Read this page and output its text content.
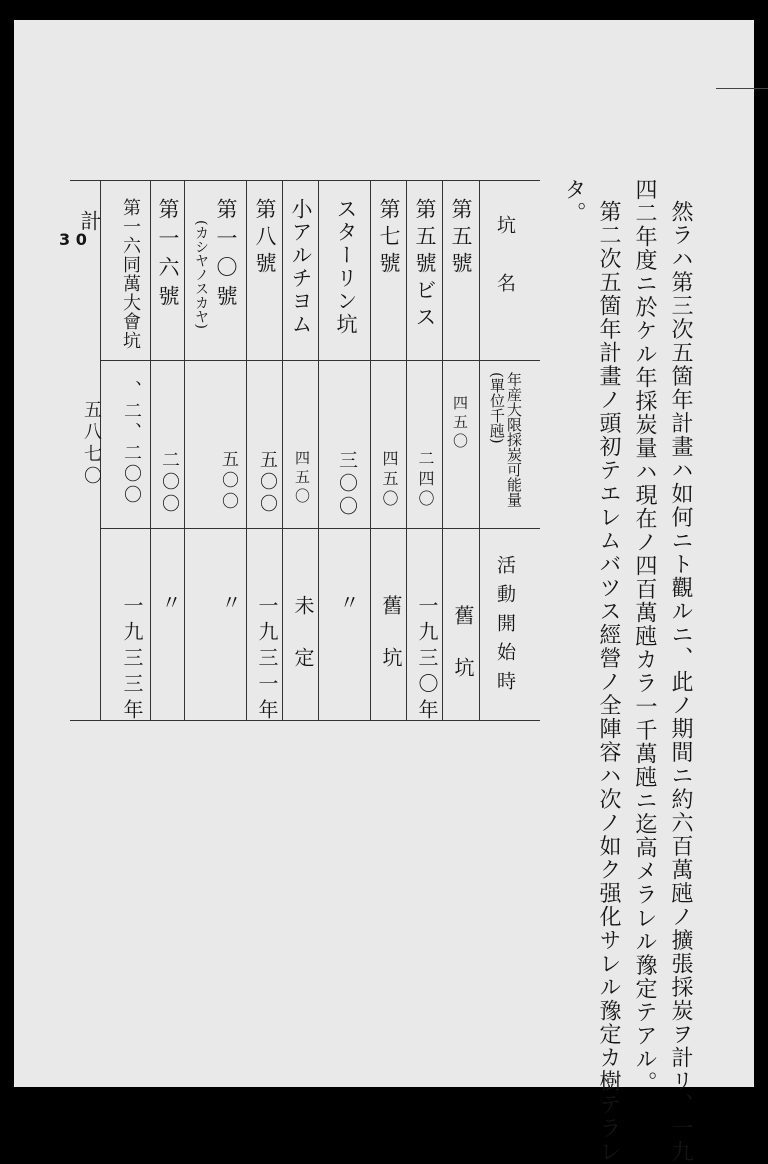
然ラハ第三次五箇年計畫ハ如何ニト觀ルニ、此ノ期間ニ約六百萬瓲ノ擴張採炭ヲ計リ、一九
四二年度ニ於ケル年採炭量ハ現在ノ四百萬瓲カラ一千萬瓲ニ迄高メラレル豫定テアル。
第二次五箇年計畫ノ頭初テエレムバツス經營ノ全陣容ハ次ノ如ク强化サレル豫定カ樹テラレ
タ。
坑　名
年産大限採炭可能量(單位千瓲)
活動開始時
第五號
四五〇
舊　坑
第五號ビス
二四〇
一九三〇年
第七號
四五〇
舊　坑
スターリン坑
三〇〇
〃
小アルチヨム
四五〇
未　定
第八號
五〇〇
一九三一年
第一〇號
(カシヤノスカヤ)
五〇〇
〃
第一六號
二〇〇
〃
第一六同萬大會坑
、二、二〇〇
一九三三年
計
五八七〇
3 0
